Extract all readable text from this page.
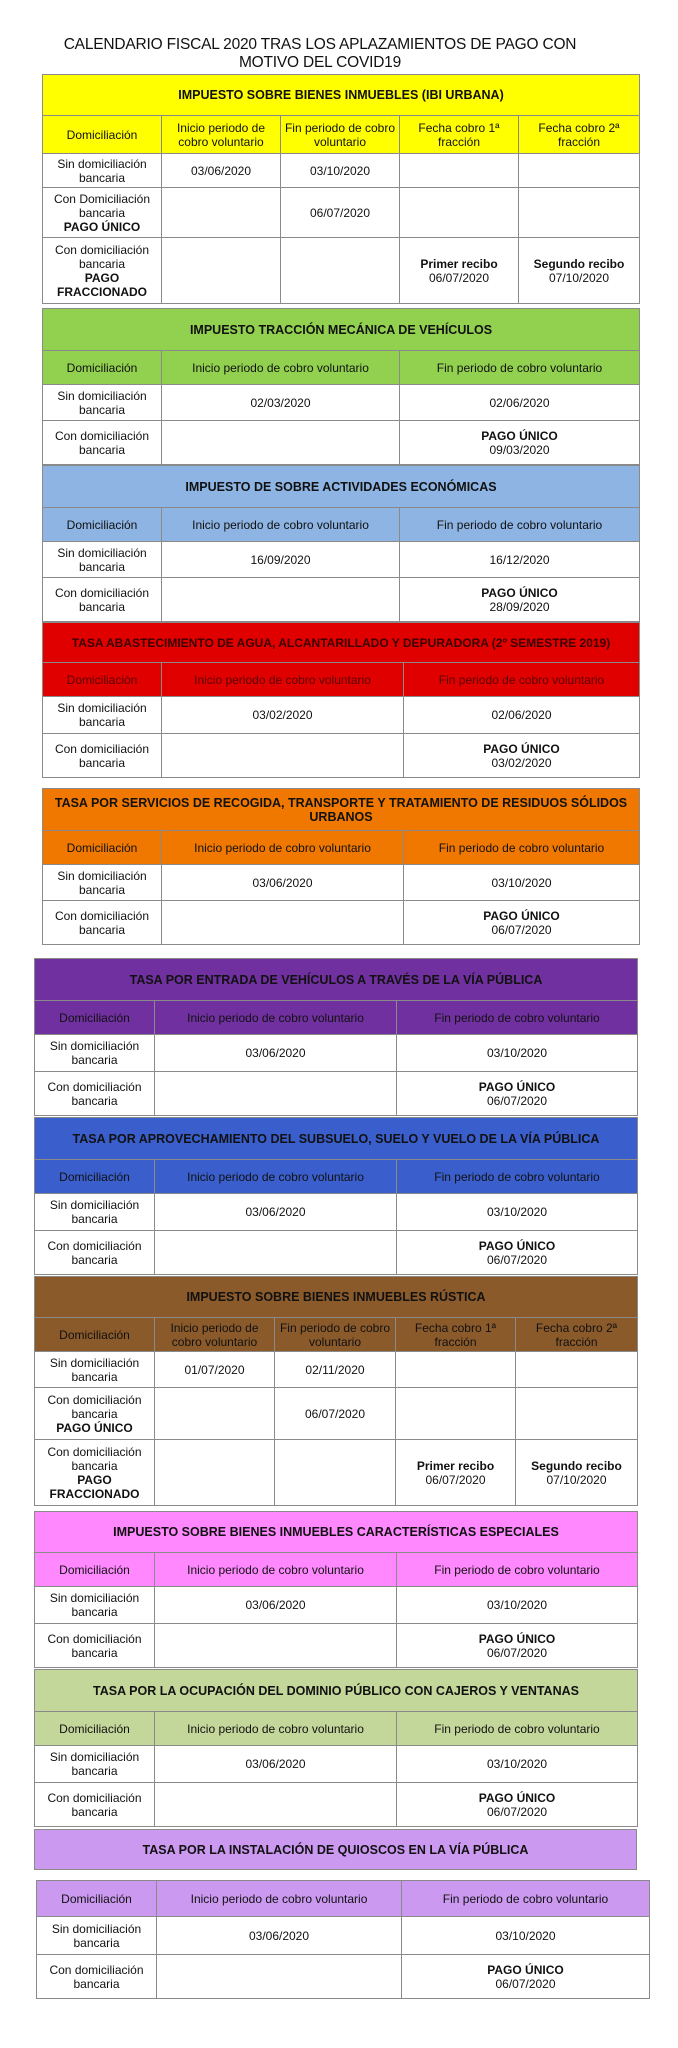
CALENDARIO FISCAL 2020 TRAS LOS APLAZAMIENTOS DE PAGO CON MOTIVO DEL COVID19
IMPUESTO SOBRE BIENES INMUEBLES (IBI URBANA)				
Domiciliación	Inicio periodo de cobro voluntario	Fin periodo de cobro voluntario	Fecha cobro 1ª fracción	Fecha cobro 2ª fracción
Sin domiciliación bancaria	03/06/2020	03/10/2020		
Con Domiciliación bancaria
PAGO ÚNICO		06/07/2020		
Con domiciliación bancaria
PAGO FRACCIONADO			Primer recibo
06/07/2020	Segundo recibo
07/10/2020
IMPUESTO TRACCIÓN MECÁNICA DE VEHÍCULOS		
Domiciliación	Inicio periodo de cobro voluntario	Fin periodo de cobro voluntario
Sin domiciliación bancaria	02/03/2020	02/06/2020
Con domiciliación bancaria		PAGO ÚNICO
09/03/2020
IMPUESTO DE SOBRE ACTIVIDADES ECONÓMICAS		
Domiciliación	Inicio periodo de cobro voluntario	Fin periodo de cobro voluntario
Sin domiciliación bancaria	16/09/2020	16/12/2020
Con domiciliación bancaria		PAGO ÚNICO
28/09/2020
TASA ABASTECIMIENTO DE AGUA, ALCANTARILLADO Y DEPURADORA (2º SEMESTRE 2019)		
Domiciliación	Inicio periodo de cobro voluntario	Fin periodo de cobro voluntario
Sin domiciliación bancaria	03/02/2020	02/06/2020
Con domiciliación bancaria		PAGO ÚNICO
03/02/2020
TASA POR SERVICIOS DE RECOGIDA, TRANSPORTE Y TRATAMIENTO DE RESIDUOS SÓLIDOS URBANOS		
Domiciliación	Inicio periodo de cobro voluntario	Fin periodo de cobro voluntario
Sin domiciliación bancaria	03/06/2020	03/10/2020
Con domiciliación bancaria		PAGO ÚNICO
06/07/2020
TASA POR ENTRADA DE VEHÍCULOS A TRAVÉS DE LA VÍA PÚBLICA		
Domiciliación	Inicio periodo de cobro voluntario	Fin periodo de cobro voluntario
Sin domiciliación bancaria	03/06/2020	03/10/2020
Con domiciliación bancaria		PAGO ÚNICO
06/07/2020
TASA POR APROVECHAMIENTO DEL SUBSUELO, SUELO Y VUELO DE LA VÍA PÚBLICA		
Domiciliación	Inicio periodo de cobro voluntario	Fin periodo de cobro voluntario
Sin domiciliación bancaria	03/06/2020	03/10/2020
Con domiciliación bancaria		PAGO ÚNICO
06/07/2020
IMPUESTO SOBRE BIENES INMUEBLES RÚSTICA				
Domiciliación	Inicio periodo de cobro voluntario	Fin periodo de cobro voluntario	Fecha cobro 1ª fracción	Fecha cobro 2ª fracción
Sin domiciliación bancaria	01/07/2020	02/11/2020		
Con domiciliación bancaria
PAGO ÚNICO		06/07/2020		
Con domiciliación bancaria
PAGO FRACCIONADO			Primer recibo
06/07/2020	Segundo recibo
07/10/2020
IMPUESTO SOBRE BIENES INMUEBLES CARACTERÍSTICAS ESPECIALES		
Domiciliación	Inicio periodo de cobro voluntario	Fin periodo de cobro voluntario
Sin domiciliación bancaria	03/06/2020	03/10/2020
Con domiciliación bancaria		PAGO ÚNICO
06/07/2020
TASA POR LA OCUPACIÓN DEL DOMINIO PÚBLICO CON CAJEROS Y VENTANAS		
Domiciliación	Inicio periodo de cobro voluntario	Fin periodo de cobro voluntario
Sin domiciliación bancaria	03/06/2020	03/10/2020
Con domiciliación bancaria		PAGO ÚNICO
06/07/2020
TASA POR LA INSTALACIÓN DE QUIOSCOS EN LA VÍA PÚBLICA
Domiciliación	Inicio periodo de cobro voluntario	Fin periodo de cobro voluntario
Sin domiciliación bancaria	03/06/2020	03/10/2020
Con domiciliación bancaria		PAGO ÚNICO
06/07/2020
